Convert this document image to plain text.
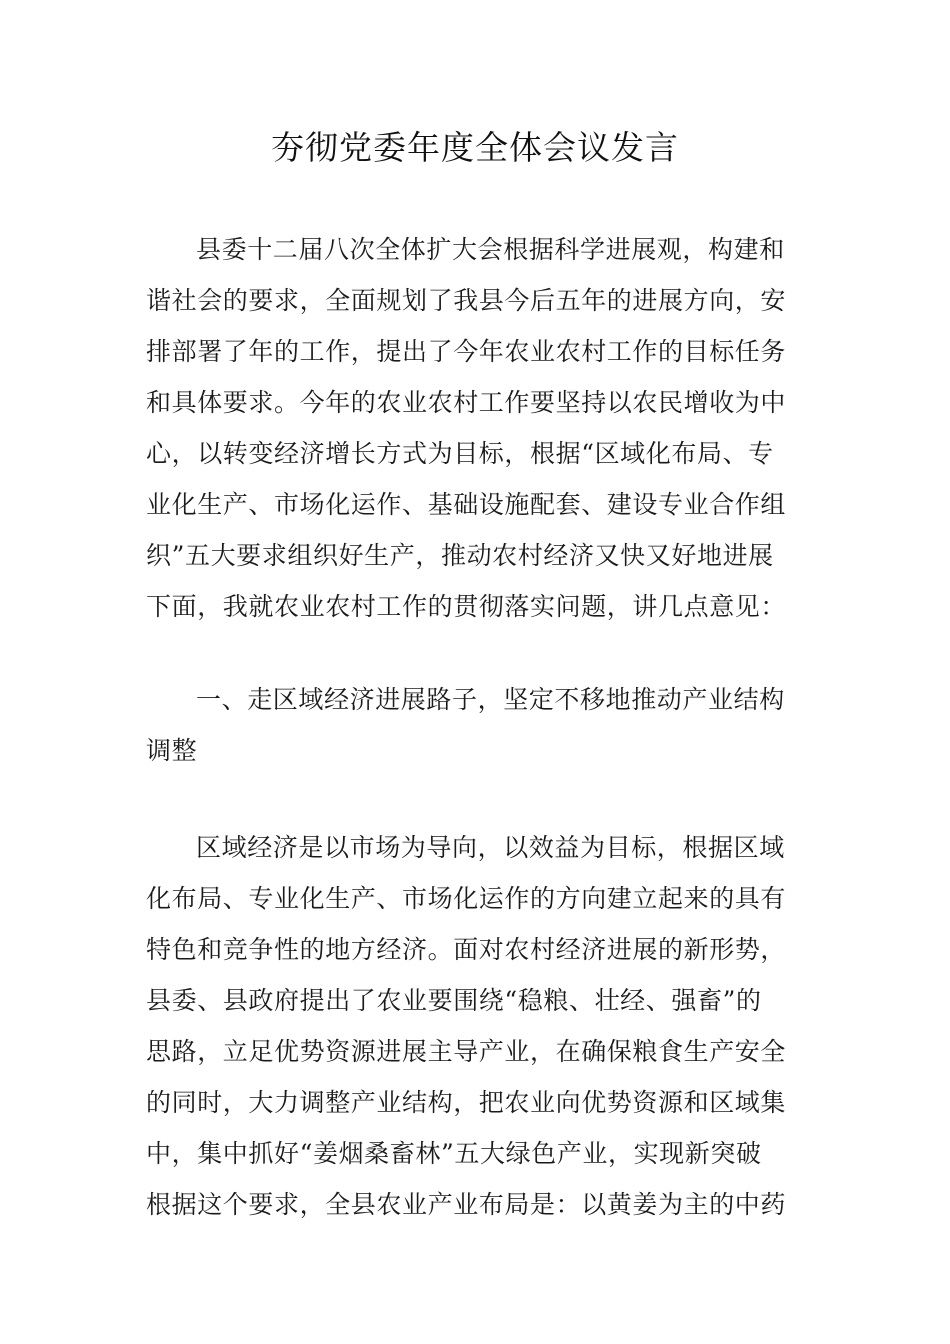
夯彻党委年度全体会议发言
县委十二届八次全体扩大会根据科学进展观，构建和
谐社会的要求，全面规划了我县今后五年的进展方向，安
排部署了年的工作，提出了今年农业农村工作的目标任务
和具体要求。今年的农业农村工作要坚持以农民增收为中
心，以转变经济增长方式为目标，根据“区域化布局、专
业化生产、市场化运作、基础设施配套、建设专业合作组
织”五大要求组织好生产，推动农村经济又快又好地进展
下面，我就农业农村工作的贯彻落实问题，讲几点意见：
一、走区域经济进展路子，坚定不移地推动产业结构
调整
区域经济是以市场为导向，以效益为目标，根据区域
化布局、专业化生产、市场化运作的方向建立起来的具有
特色和竞争性的地方经济。面对农村经济进展的新形势，
县委、县政府提出了农业要围绕“稳粮、壮经、强畜”的
思路，立足优势资源进展主导产业，在确保粮食生产安全
的同时，大力调整产业结构，把农业向优势资源和区域集
中，集中抓好“姜烟桑畜林”五大绿色产业，实现新突破
根据这个要求，全县农业产业布局是：以黄姜为主的中药
